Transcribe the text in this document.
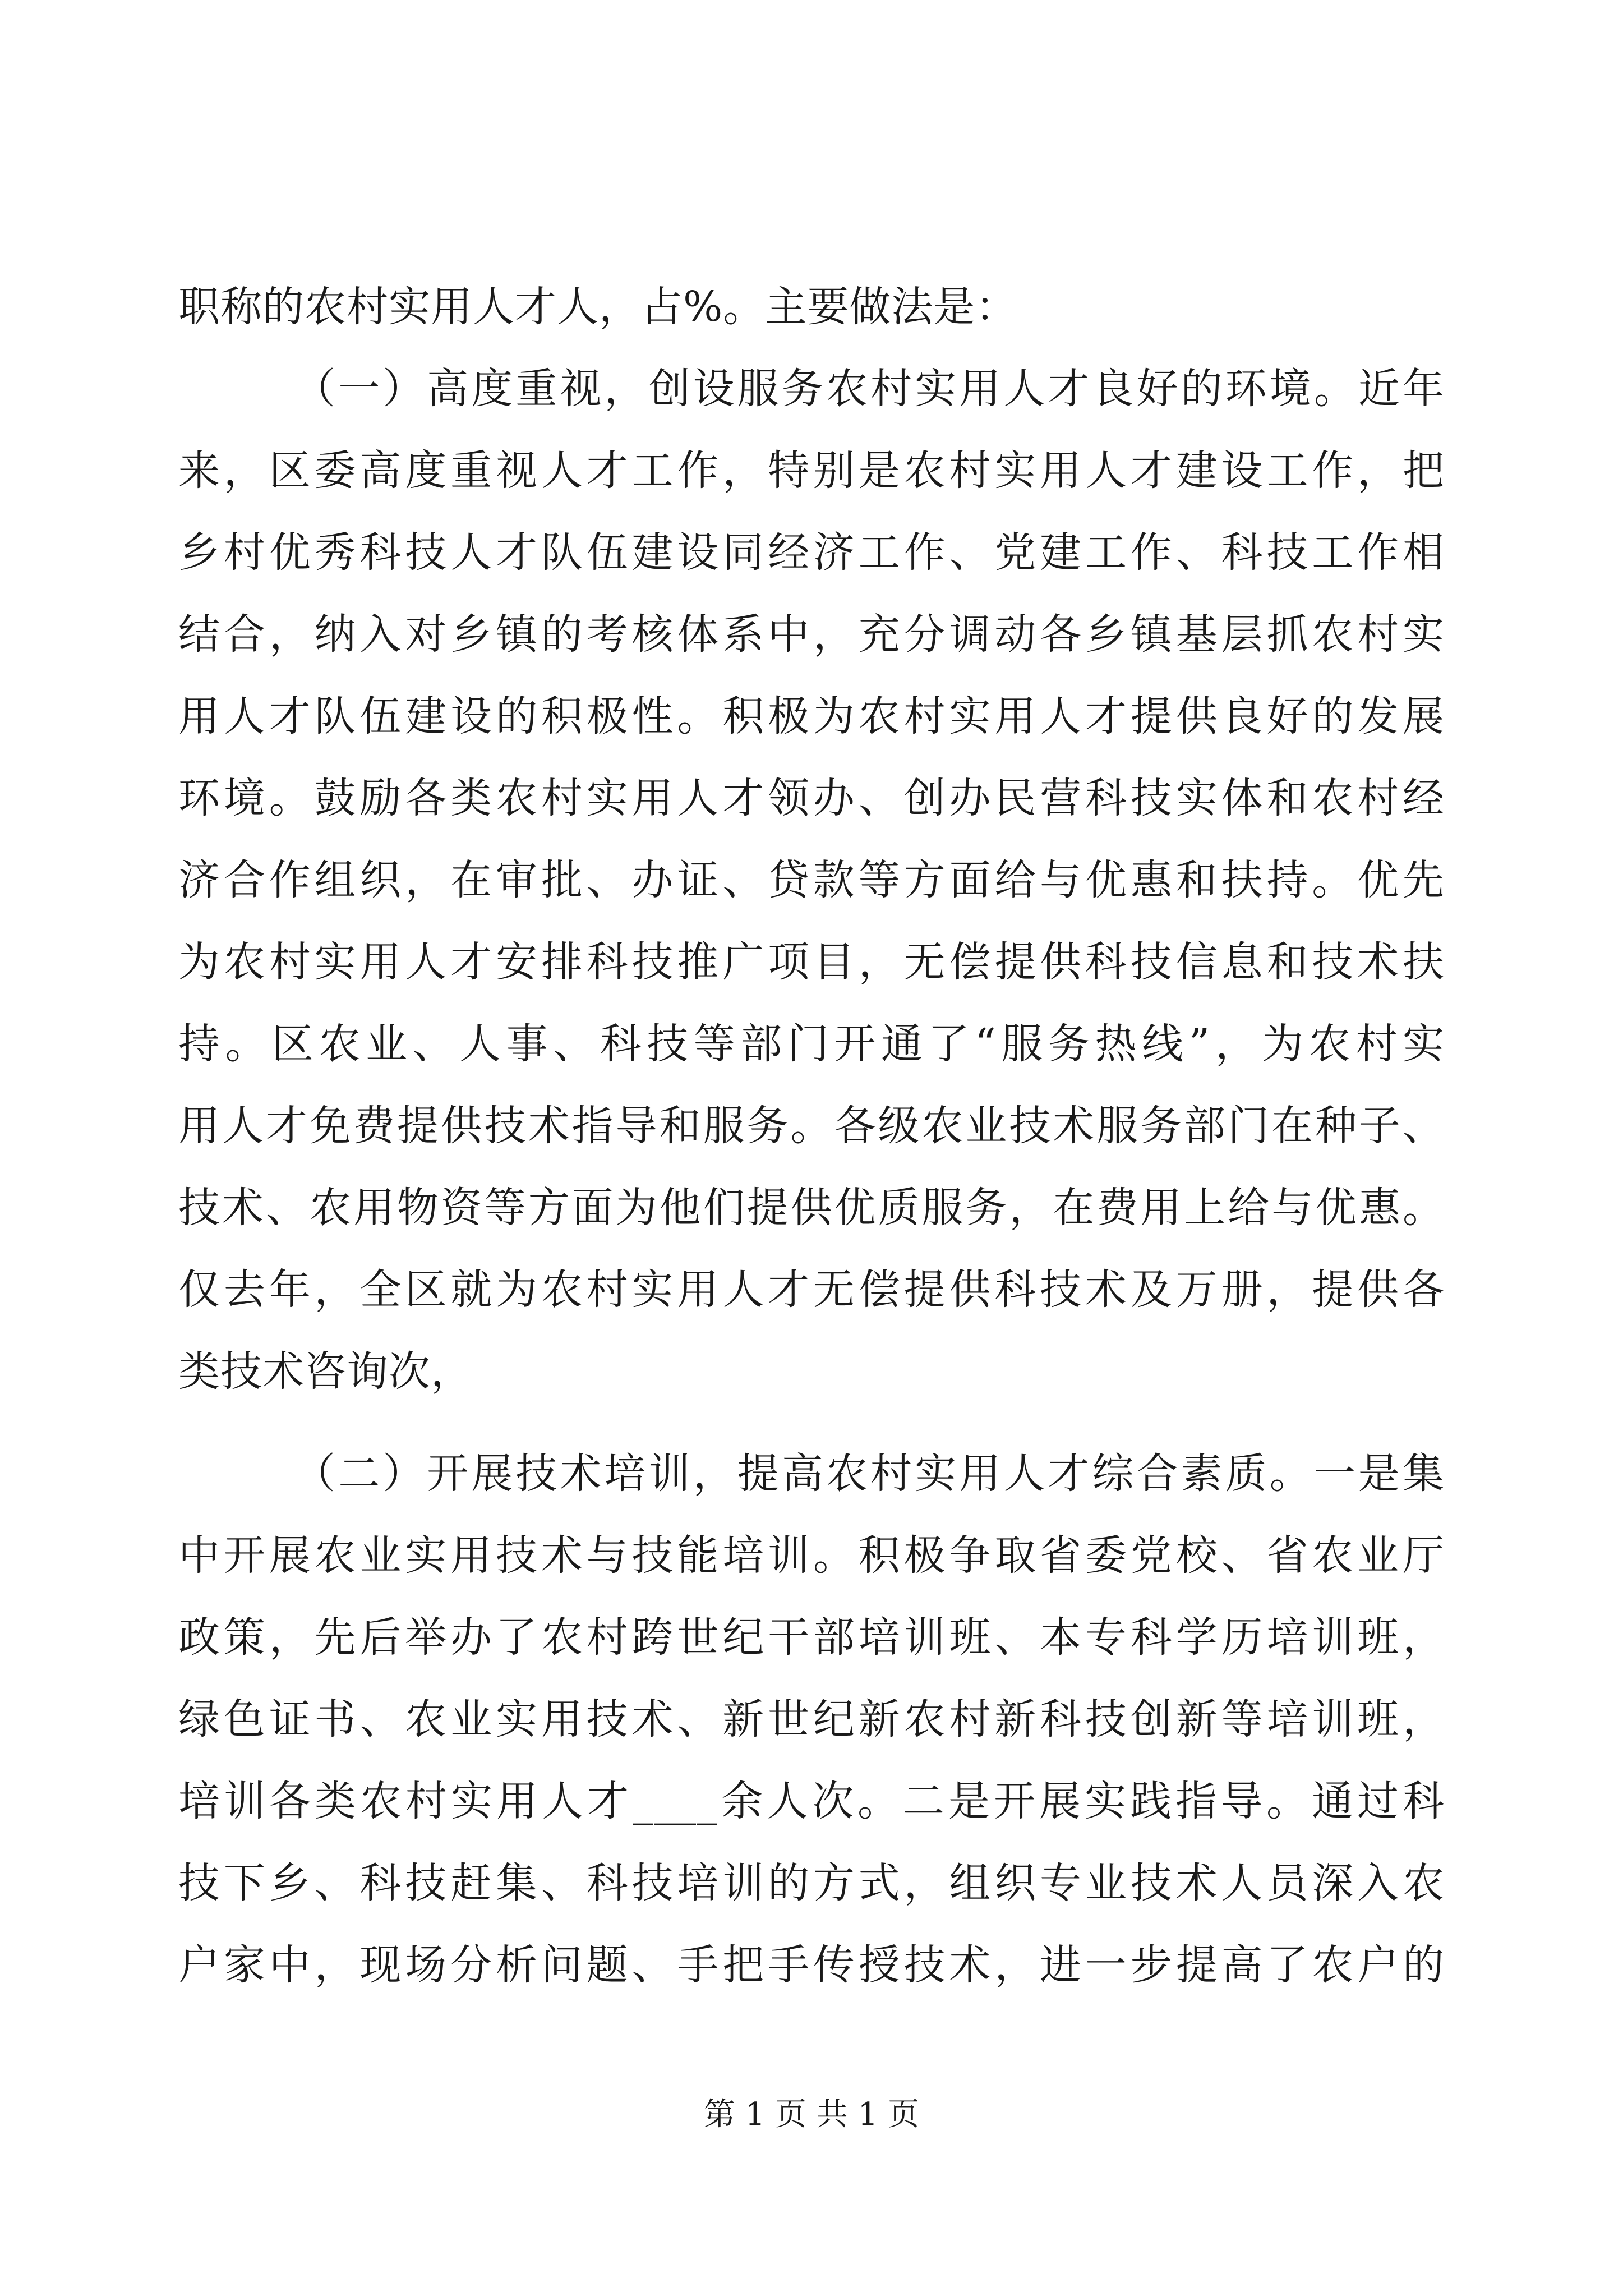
职称的农村实用人才人，占%。主要做法是：
（一）高度重视，创设服务农村实用人才良好的环境。近年
来，区委高度重视人才工作，特别是农村实用人才建设工作，把
乡村优秀科技人才队伍建设同经济工作、党建工作、科技工作相
结合，纳入对乡镇的考核体系中，充分调动各乡镇基层抓农村实
用人才队伍建设的积极性。积极为农村实用人才提供良好的发展
环境。鼓励各类农村实用人才领办、创办民营科技实体和农村经
济合作组织，在审批、办证、贷款等方面给与优惠和扶持。优先
为农村实用人才安排科技推广项目，无偿提供科技信息和技术扶
持。区农业、人事、科技等部门开通了“服务热线”，为农村实
用人才免费提供技术指导和服务。各级农业技术服务部门在种子、
技术、农用物资等方面为他们提供优质服务，在费用上给与优惠。
仅去年，全区就为农村实用人才无偿提供科技术及万册，提供各
类技术咨询次，
（二）开展技术培训，提高农村实用人才综合素质。一是集
中开展农业实用技术与技能培训。积极争取省委党校、省农业厅
政策，先后举办了农村跨世纪干部培训班、本专科学历培训班，
绿色证书、农业实用技术、新世纪新农村新科技创新等培训班，
培训各类农村实用人才____余人次。二是开展实践指导。通过科
技下乡、科技赶集、科技培训的方式，组织专业技术人员深入农
户家中，现场分析问题、手把手传授技术，进一步提高了农户的
第 1 页 共 1 页
